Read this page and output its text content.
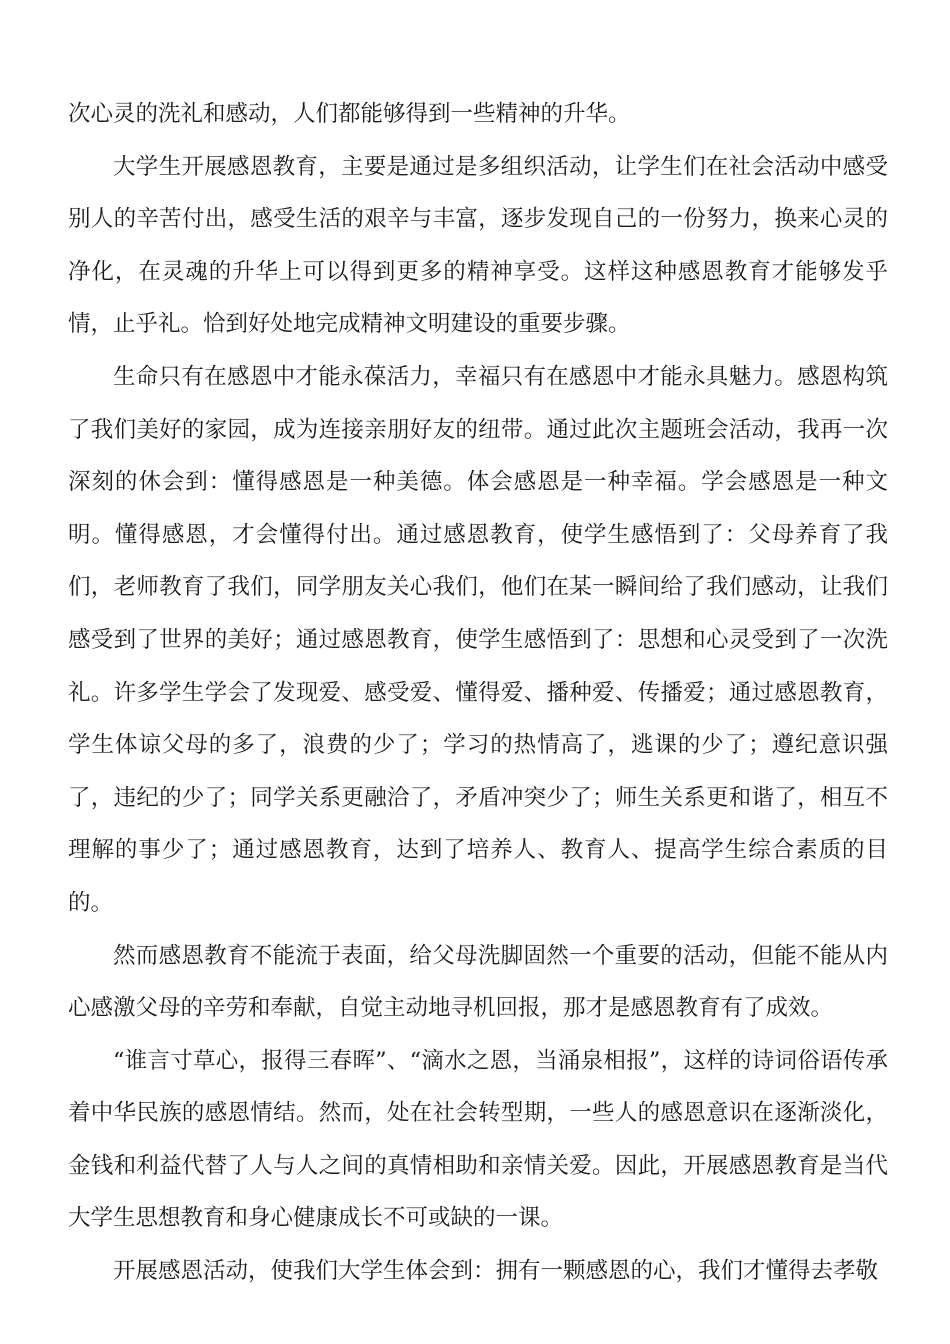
次心灵的洗礼和感动，人们都能够得到一些精神的升华。

大学生开展感恩教育，主要是通过是多组织活动，让学生们在社会活动中感受别人的辛苦付出，感受生活的艰辛与丰富，逐步发现自己的一份努力，换来心灵的净化，在灵魂的升华上可以得到更多的精神享受。这样这种感恩教育才能够发乎情，止乎礼。恰到好处地完成精神文明建设的重要步骤。

生命只有在感恩中才能永葆活力，幸福只有在感恩中才能永具魅力。感恩构筑了我们美好的家园，成为连接亲朋好友的纽带。通过此次主题班会活动，我再一次深刻的休会到：懂得感恩是一种美德。体会感恩是一种幸福。学会感恩是一种文明。懂得感恩，才会懂得付出。通过感恩教育，使学生感悟到了：父母养育了我们，老师教育了我们，同学朋友关心我们，他们在某一瞬间给了我们感动，让我们感受到了世界的美好；通过感恩教育，使学生感悟到了：思想和心灵受到了一次洗礼。许多学生学会了发现爱、感受爱、懂得爱、播种爱、传播爱；通过感恩教育，学生体谅父母的多了，浪费的少了；学习的热情高了，逃课的少了；遵纪意识强了，违纪的少了；同学关系更融洽了，矛盾冲突少了；师生关系更和谐了，相互不理解的事少了；通过感恩教育，达到了培养人、教育人、提高学生综合素质的目的。

然而感恩教育不能流于表面，给父母洗脚固然一个重要的活动，但能不能从内心感激父母的辛劳和奉献，自觉主动地寻机回报，那才是感恩教育有了成效。

“谁言寸草心，报得三春晖”、“滴水之恩，当涌泉相报”，这样的诗词俗语传承着中华民族的感恩情结。然而，处在社会转型期，一些人的感恩意识在逐渐淡化，金钱和利益代替了人与人之间的真情相助和亲情关爱。因此，开展感恩教育是当代大学生思想教育和身心健康成长不可或缺的一课。

开展感恩活动，使我们大学生体会到：拥有一颗感恩的心，我们才懂得去孝敬
